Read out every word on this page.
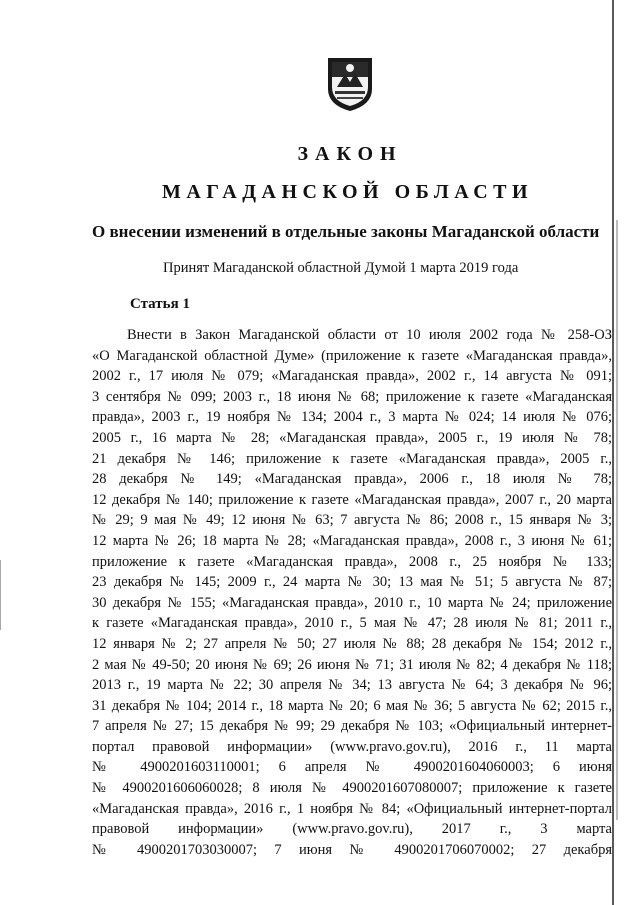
ЗАКОН
МАГАДАНСКОЙ ОБЛАСТИ
О внесении изменений в отдельные законы Магаданской области
Принят Магаданской областной Думой 1 марта 2019 года
Статья 1
Внести в Закон Магаданской области от 10 июля 2002 года № 258-ОЗ
«О Магаданской областной Думе» (приложение к газете «Магаданская правда»,
2002 г., 17 июля № 079; «Магаданская правда», 2002 г., 14 августа № 091;
3 сентября № 099; 2003 г., 18 июня № 68; приложение к газете «Магаданская
правда», 2003 г., 19 ноября № 134; 2004 г., 3 марта № 024; 14 июля № 076;
2005 г., 16 марта № 28; «Магаданская правда», 2005 г., 19 июля № 78;
21 декабря № 146; приложение к газете «Магаданская правда», 2005 г.,
28 декабря № 149; «Магаданская правда», 2006 г., 18 июля № 78;
12 декабря № 140; приложение к газете «Магаданская правда», 2007 г., 20 марта
№ 29; 9 мая № 49; 12 июня № 63; 7 августа № 86; 2008 г., 15 января № 3;
12 марта № 26; 18 марта № 28; «Магаданская правда», 2008 г., 3 июня № 61;
приложение к газете «Магаданская правда», 2008 г., 25 ноября № 133;
23 декабря № 145; 2009 г., 24 марта № 30; 13 мая № 51; 5 августа № 87;
30 декабря № 155; «Магаданская правда», 2010 г., 10 марта № 24; приложение
к газете «Магаданская правда», 2010 г., 5 мая № 47; 28 июля № 81; 2011 г.,
12 января № 2; 27 апреля № 50; 27 июля № 88; 28 декабря № 154; 2012 г.,
2 мая № 49-50; 20 июня № 69; 26 июня № 71; 31 июля № 82; 4 декабря № 118;
2013 г., 19 марта № 22; 30 апреля № 34; 13 августа № 64; 3 декабря № 96;
31 декабря № 104; 2014 г., 18 марта № 20; 6 мая № 36; 5 августа № 62; 2015 г.,
7 апреля № 27; 15 декабря № 99; 29 декабря № 103; «Официальный интернет-
портал правовой информации» (www.pravo.gov.ru), 2016 г., 11 марта
№ 4900201603110001; 6 апреля № 4900201604060003; 6 июня
№ 4900201606060028; 8 июля № 4900201607080007; приложение к газете
«Магаданская правда», 2016 г., 1 ноября № 84; «Официальный интернет-портал
правовой информации» (www.pravo.gov.ru), 2017 г., 3 марта
№ 4900201703030007; 7 июня № 4900201706070002; 27 декабря
